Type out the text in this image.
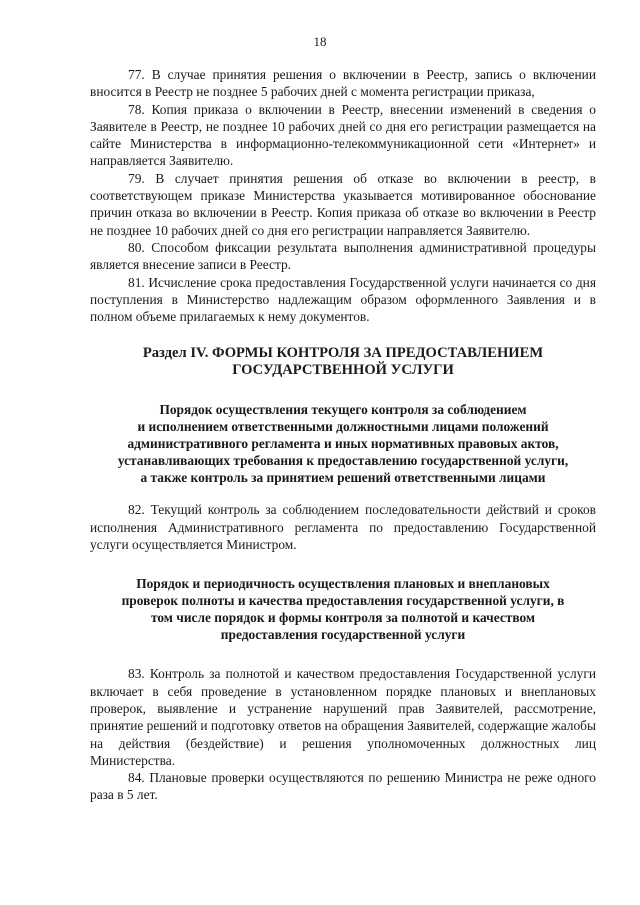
18

77. В случае принятия решения о включении в Реестр, запись о включении вносится в Реестр не позднее 5 рабочих дней с момента регистрации приказа,

78. Копия приказа о включении в Реестр, внесении изменений в сведения о Заявителе в Реестр, не позднее 10 рабочих дней со дня его регистрации размещается на сайте Министерства в информационно-телекоммуникационной сети «Интернет» и направляется Заявителю.

79. В случает принятия решения об отказе во включении в реестр, в соответствующем приказе Министерства указывается мотивированное обоснование причин отказа во включении в Реестр. Копия приказа об отказе во включении в Реестр не позднее 10 рабочих дней со дня его регистрации направляется Заявителю.

80. Способом фиксации результата выполнения административной процедуры является внесение записи в Реестр.

81. Исчисление срока предоставления Государственной услуги начинается со дня поступления в Министерство надлежащим образом оформленного Заявления и в полном объеме прилагаемых к нему документов.

Раздел IV. ФОРМЫ КОНТРОЛЯ ЗА ПРЕДОСТАВЛЕНИЕМ
ГОСУДАРСТВЕННОЙ УСЛУГИ
Порядок осуществления текущего контроля за соблюдением
и исполнением ответственными должностными лицами положений
административного регламента и иных нормативных правовых актов,
устанавливающих требования к предоставлению государственной услуги,
а также контроль за принятием решений ответственными лицами

82. Текущий контроль за соблюдением последовательности действий и сроков исполнения Административного регламента по предоставлению Государственной услуги осуществляется Министром.

Порядок и периодичность осуществления плановых и внеплановых
проверок полноты и качества предоставления государственной услуги, в
том числе порядок и формы контроля за полнотой и качеством
предоставления государственной услуги

83. Контроль за полнотой и качеством предоставления Государственной услуги включает в себя проведение в установленном порядке плановых и внеплановых проверок, выявление и устранение нарушений прав Заявителей, рассмотрение, принятие решений и подготовку ответов на обращения Заявителей, содержащие жалобы на действия (бездействие) и решения уполномоченных должностных лиц Министерства.

84. Плановые проверки осуществляются по решению Министра не реже одного раза в 5 лет.
